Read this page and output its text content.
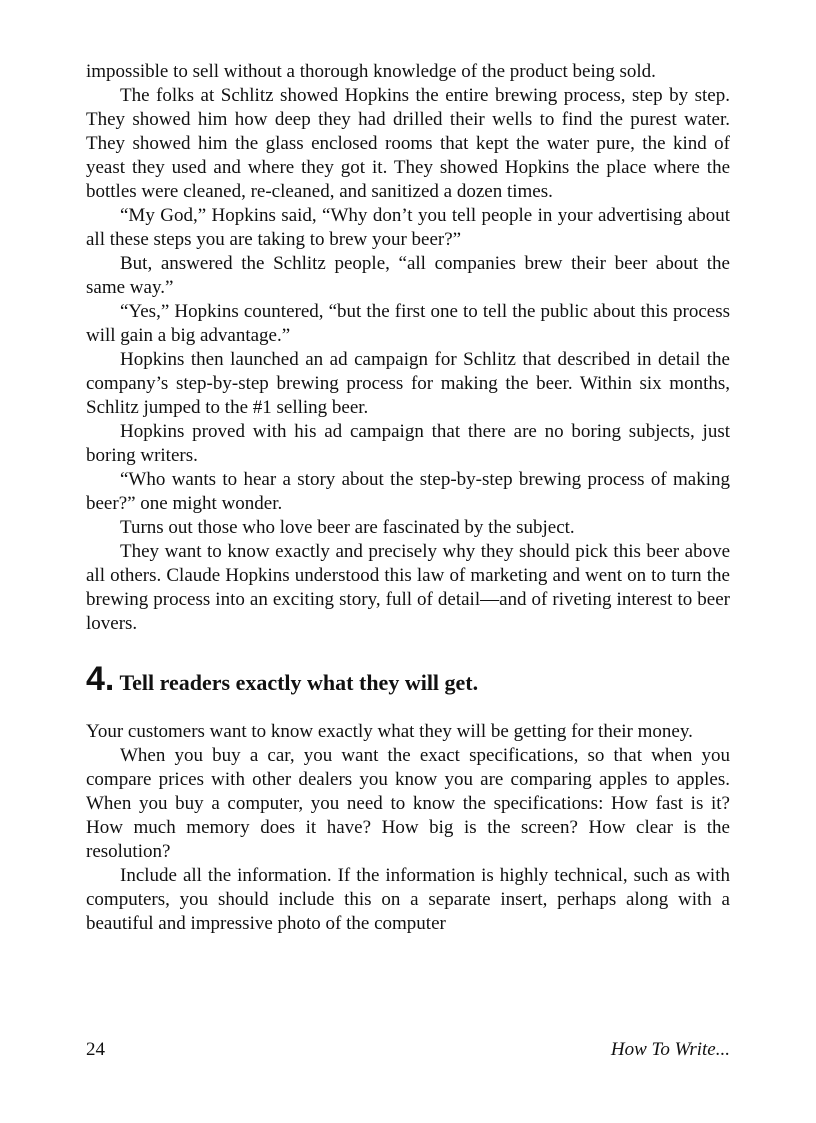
impossible to sell without a thorough knowledge of the product being sold.

The folks at Schlitz showed Hopkins the entire brewing process, step by step. They showed him how deep they had drilled their wells to find the purest water. They showed him the glass enclosed rooms that kept the water pure, the kind of yeast they used and where they got it. They showed Hopkins the place where the bottles were cleaned, re-cleaned, and sanitized a dozen times.

“My God,” Hopkins said, “Why don’t you tell people in your advertising about all these steps you are taking to brew your beer?”

But, answered the Schlitz people, “all companies brew their beer about the same way.”

“Yes,” Hopkins countered, “but the first one to tell the public about this process will gain a big advantage.”

Hopkins then launched an ad campaign for Schlitz that described in detail the company’s step-by-step brewing process for making the beer. Within six months, Schlitz jumped to the #1 selling beer.

Hopkins proved with his ad campaign that there are no boring subjects, just boring writers.

“Who wants to hear a story about the step-by-step brewing process of making beer?” one might wonder.

Turns out those who love beer are fascinated by the subject.

They want to know exactly and precisely why they should pick this beer above all others. Claude Hopkins understood this law of marketing and went on to turn the brewing process into an exciting story, full of detail—and of riveting interest to beer lovers.

4. Tell readers exactly what they will get.

Your customers want to know exactly what they will be getting for their money.

When you buy a car, you want the exact specifications, so that when you compare prices with other dealers you know you are comparing apples to apples. When you buy a computer, you need to know the specifications: How fast is it? How much memory does it have? How big is the screen? How clear is the resolution?

Include all the information. If the information is highly technical, such as with computers, you should include this on a separate insert, perhaps along with a beautiful and impressive photo of the computer

24	How To Write...
